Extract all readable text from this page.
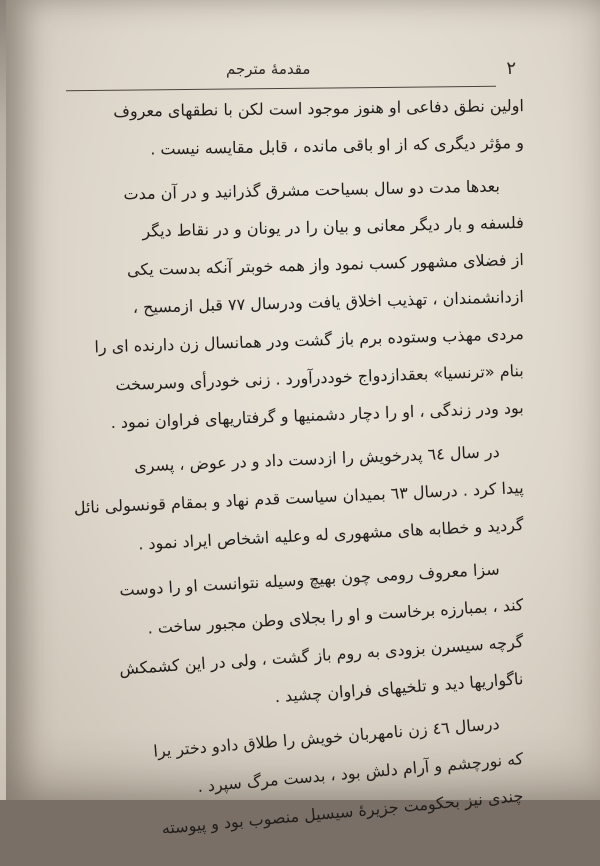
۲
مقدمهٔ مترجم
اولین نطق دفاعی او هنوز موجود است لکن با نطقهای معروف
و مؤثر دیگری که از او باقی مانده ، قابل مقایسه نیست .
بعدها مدت دو سال بسیاحت مشرق گذرانید و در آن مدت
فلسفه و بار دیگر معانی و بیان را در یونان و در نقاط دیگر
از فضلای مشهور کسب نمود واز همه خوبتر آنکه بدست یکی
ازدانشمندان ، تهذیب اخلاق یافت ودرسال ۷۷ قبل ازمسیح ،
مردی مهذب وستوده برم باز گشت ودر همانسال زن دارنده ای را
بنام «ترنسیا» بعقدازدواج خوددرآورد . زنی خودرأی وسرسخت
بود ودر زندگی ، او را دچار دشمنیها و گرفتاریهای فراوان نمود .
در سال ٦٤ پدرخویش را ازدست داد و در عوض ، پسری
پیدا کرد . درسال ٦۳ بمیدان سیاست قدم نهاد و بمقام قونسولی نائل
گردید و خطابه های مشهوری له وعلیه اشخاص ایراد نمود .
سزا معروف رومی چون بهیچ وسیله نتوانست او را دوست
کند ، بمبارزه برخاست و او را بجلای وطن مجبور ساخت .
گرچه سیسرن بزودی به روم باز گشت ، ولی در این کشمکش
ناگواریها دید و تلخیهای فراوان چشید .
درسال ٤٦ زن نامهربان خویش را طلاق دادو دختر یرا
که نورچشم و آرام دلش بود ، بدست مرگ سپرد .
چندی نیز بحکومت جزیرهٔ سیسیل منصوب بود و پیوسته
